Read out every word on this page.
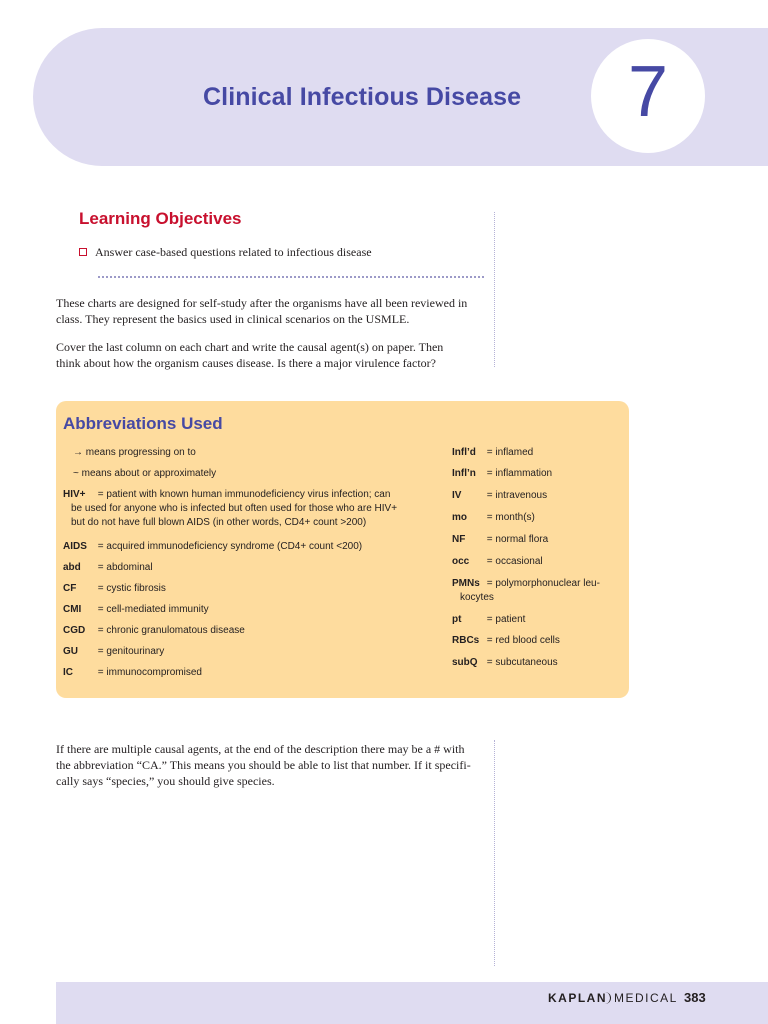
Clinical Infectious Disease 7
Learning Objectives
Answer case-based questions related to infectious disease

These charts are designed for self-study after the organisms have all been reviewed in
class. They represent the basics used in clinical scenarios on the USMLE.

Cover the last column on each chart and write the causal agent(s) on paper. Then
think about how the organism causes disease. Is there a major virulence factor?

Abbreviations Used
→ means progressing on to
~ means about or approximately
HIV+ = patient with known human immunodeficiency virus infection; can
be used for anyone who is infected but often used for those who are HIV+
but do not have full blown AIDS (in other words, CD4+ count >200)
AIDS = acquired immunodeficiency syndrome (CD4+ count <200)
abd = abdominal
CF = cystic fibrosis
CMI = cell-mediated immunity
CGD = chronic granulomatous disease
GU = genitourinary
IC = immunocompromised
Infl’d = inflamed
Infl’n = inflammation
IV	= intravenous
mo = month(s)
NF = normal flora
occ = occasional
PMNs = polymorphonuclear leu-
kocytes
pt	= patient
RBCs = red blood cells
subQ = subcutaneous

If there are multiple causal agents, at the end of the description there may be a # with
the abbreviation “CA.” This means you should be able to list that number. If it specifi-
cally says “species,” you should give species.

KAPLAN MEDICAL 383
